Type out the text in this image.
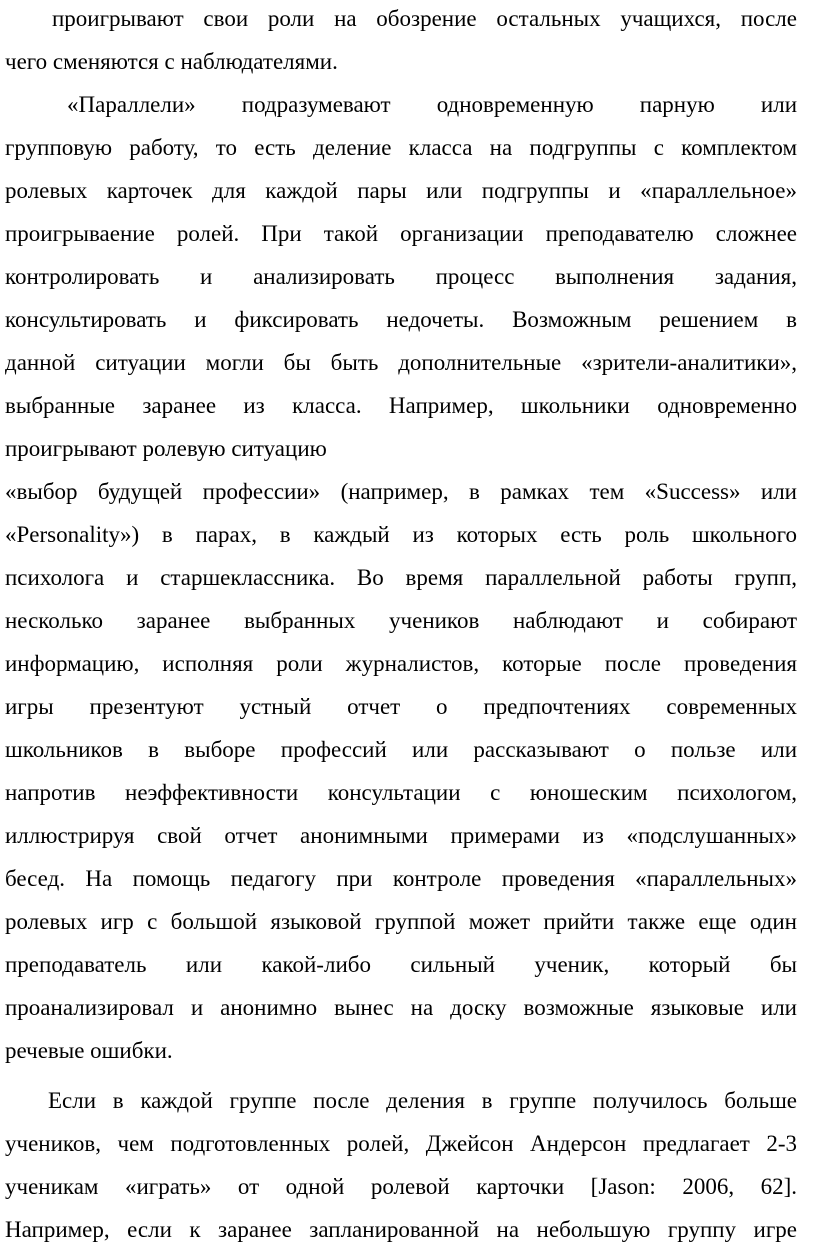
проигрывают свои роли на обозрение остальных учащихся, после

чего сменяются с наблюдателями.

«Параллели» подразумевают одновременную парную или

групповую работу, то есть деление класса на подгруппы с комплектом

ролевых карточек для каждой пары или подгруппы и «параллельное»

проигрываение ролей. При такой организации преподавателю сложнее

контролировать и анализировать процесс выполнения задания,

консультировать и фиксировать недочеты. Возможным решением в

данной ситуации могли бы быть дополнительные «зрители-аналитики»,

выбранные заранее из класса. Например, школьники одновременно

проигрывают ролевую ситуацию

«выбор будущей профессии» (например, в рамках тем «Success» или

«Personality») в парах, в каждый из которых есть роль школьного

психолога и старшеклассника. Во время параллельной работы групп,

несколько заранее выбранных учеников наблюдают и собирают

информацию, исполняя роли журналистов, которые после проведения

игры презентуют устный отчет о предпочтениях современных

школьников в выборе профессий или рассказывают о пользе или

напротив неэффективности консультации с юношеским психологом,

иллюстрируя свой отчет анонимными примерами из «подслушанных»

бесед. На помощь педагогу при контроле проведения «параллельных»

ролевых игр с большой языковой группой может прийти также еще один

преподаватель или какой-либо сильный ученик, который бы

проанализировал и анонимно вынес на доску возможные языковые или

речевые ошибки.

Если в каждой группе после деления в группе получилось больше

учеников, чем подготовленных ролей, Джейсон Андерсон предлагает 2-3

ученикам «играть» от одной ролевой карточки [Jason: 2006, 62].

Например, если к заранее запланированной на небольшую группу игре
